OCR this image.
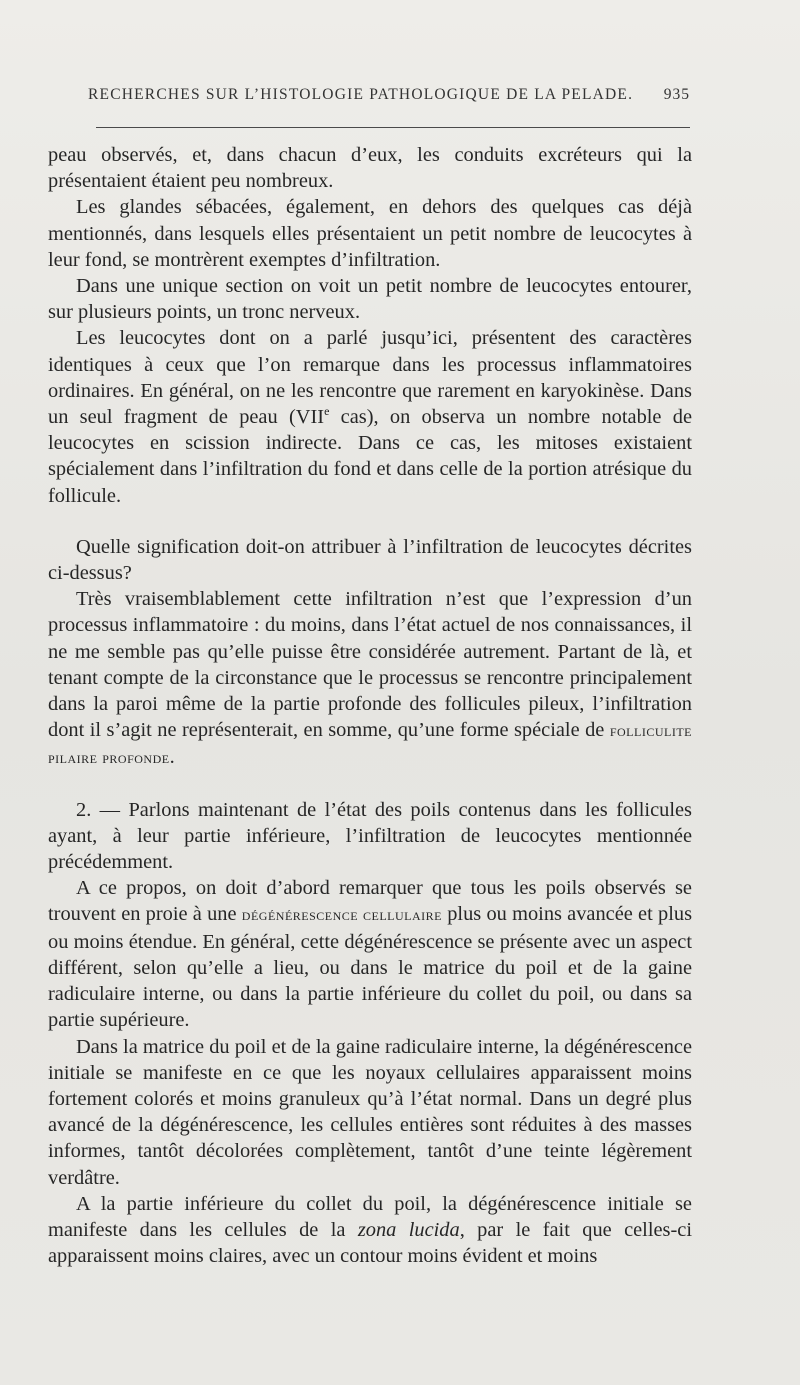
RECHERCHES SUR L’HISTOLOGIE PATHOLOGIQUE DE LA PELADE. 935

peau observés, et, dans chacun d’eux, les conduits excréteurs qui la présentaient étaient peu nombreux.

Les glandes sébacées, également, en dehors des quelques cas déjà mentionnés, dans lesquels elles présentaient un petit nombre de leucocytes à leur fond, se montrèrent exemptes d’infiltration.

Dans une unique section on voit un petit nombre de leucocytes entourer, sur plusieurs points, un tronc nerveux.

Les leucocytes dont on a parlé jusqu’ici, présentent des caractères identiques à ceux que l’on remarque dans les processus inflammatoires ordinaires. En général, on ne les rencontre que rarement en karyokinèse. Dans un seul fragment de peau (VIIe cas), on observa un nombre notable de leucocytes en scission indirecte. Dans ce cas, les mitoses existaient spécialement dans l’infiltration du fond et dans celle de la portion atrésique du follicule.

Quelle signification doit-on attribuer à l’infiltration de leucocytes décrites ci-dessus?

Très vraisemblablement cette infiltration n’est que l’expression d’un processus inflammatoire : du moins, dans l’état actuel de nos connaissances, il ne me semble pas qu’elle puisse être considérée autrement. Partant de là, et tenant compte de la circonstance que le processus se rencontre principalement dans la paroi même de la partie profonde des follicules pileux, l’infiltration dont il s’agit ne représenterait, en somme, qu’une forme spéciale de folliculite pilaire profonde.

2. — Parlons maintenant de l’état des poils contenus dans les follicules ayant, à leur partie inférieure, l’infiltration de leucocytes mentionnée précédemment.

A ce propos, on doit d’abord remarquer que tous les poils observés se trouvent en proie à une dégénérescence cellulaire plus ou moins avancée et plus ou moins étendue. En général, cette dégénérescence se présente avec un aspect différent, selon qu’elle a lieu, ou dans le matrice du poil et de la gaine radiculaire interne, ou dans la partie inférieure du collet du poil, ou dans sa partie supérieure.

Dans la matrice du poil et de la gaine radiculaire interne, la dégénérescence initiale se manifeste en ce que les noyaux cellulaires apparaissent moins fortement colorés et moins granuleux qu’à l’état normal. Dans un degré plus avancé de la dégénérescence, les cellules entières sont réduites à des masses informes, tantôt décolorées complètement, tantôt d’une teinte légèrement verdâtre.

A la partie inférieure du collet du poil, la dégénérescence initiale se manifeste dans les cellules de la zona lucida, par le fait que celles-ci apparaissent moins claires, avec un contour moins évident et moins
